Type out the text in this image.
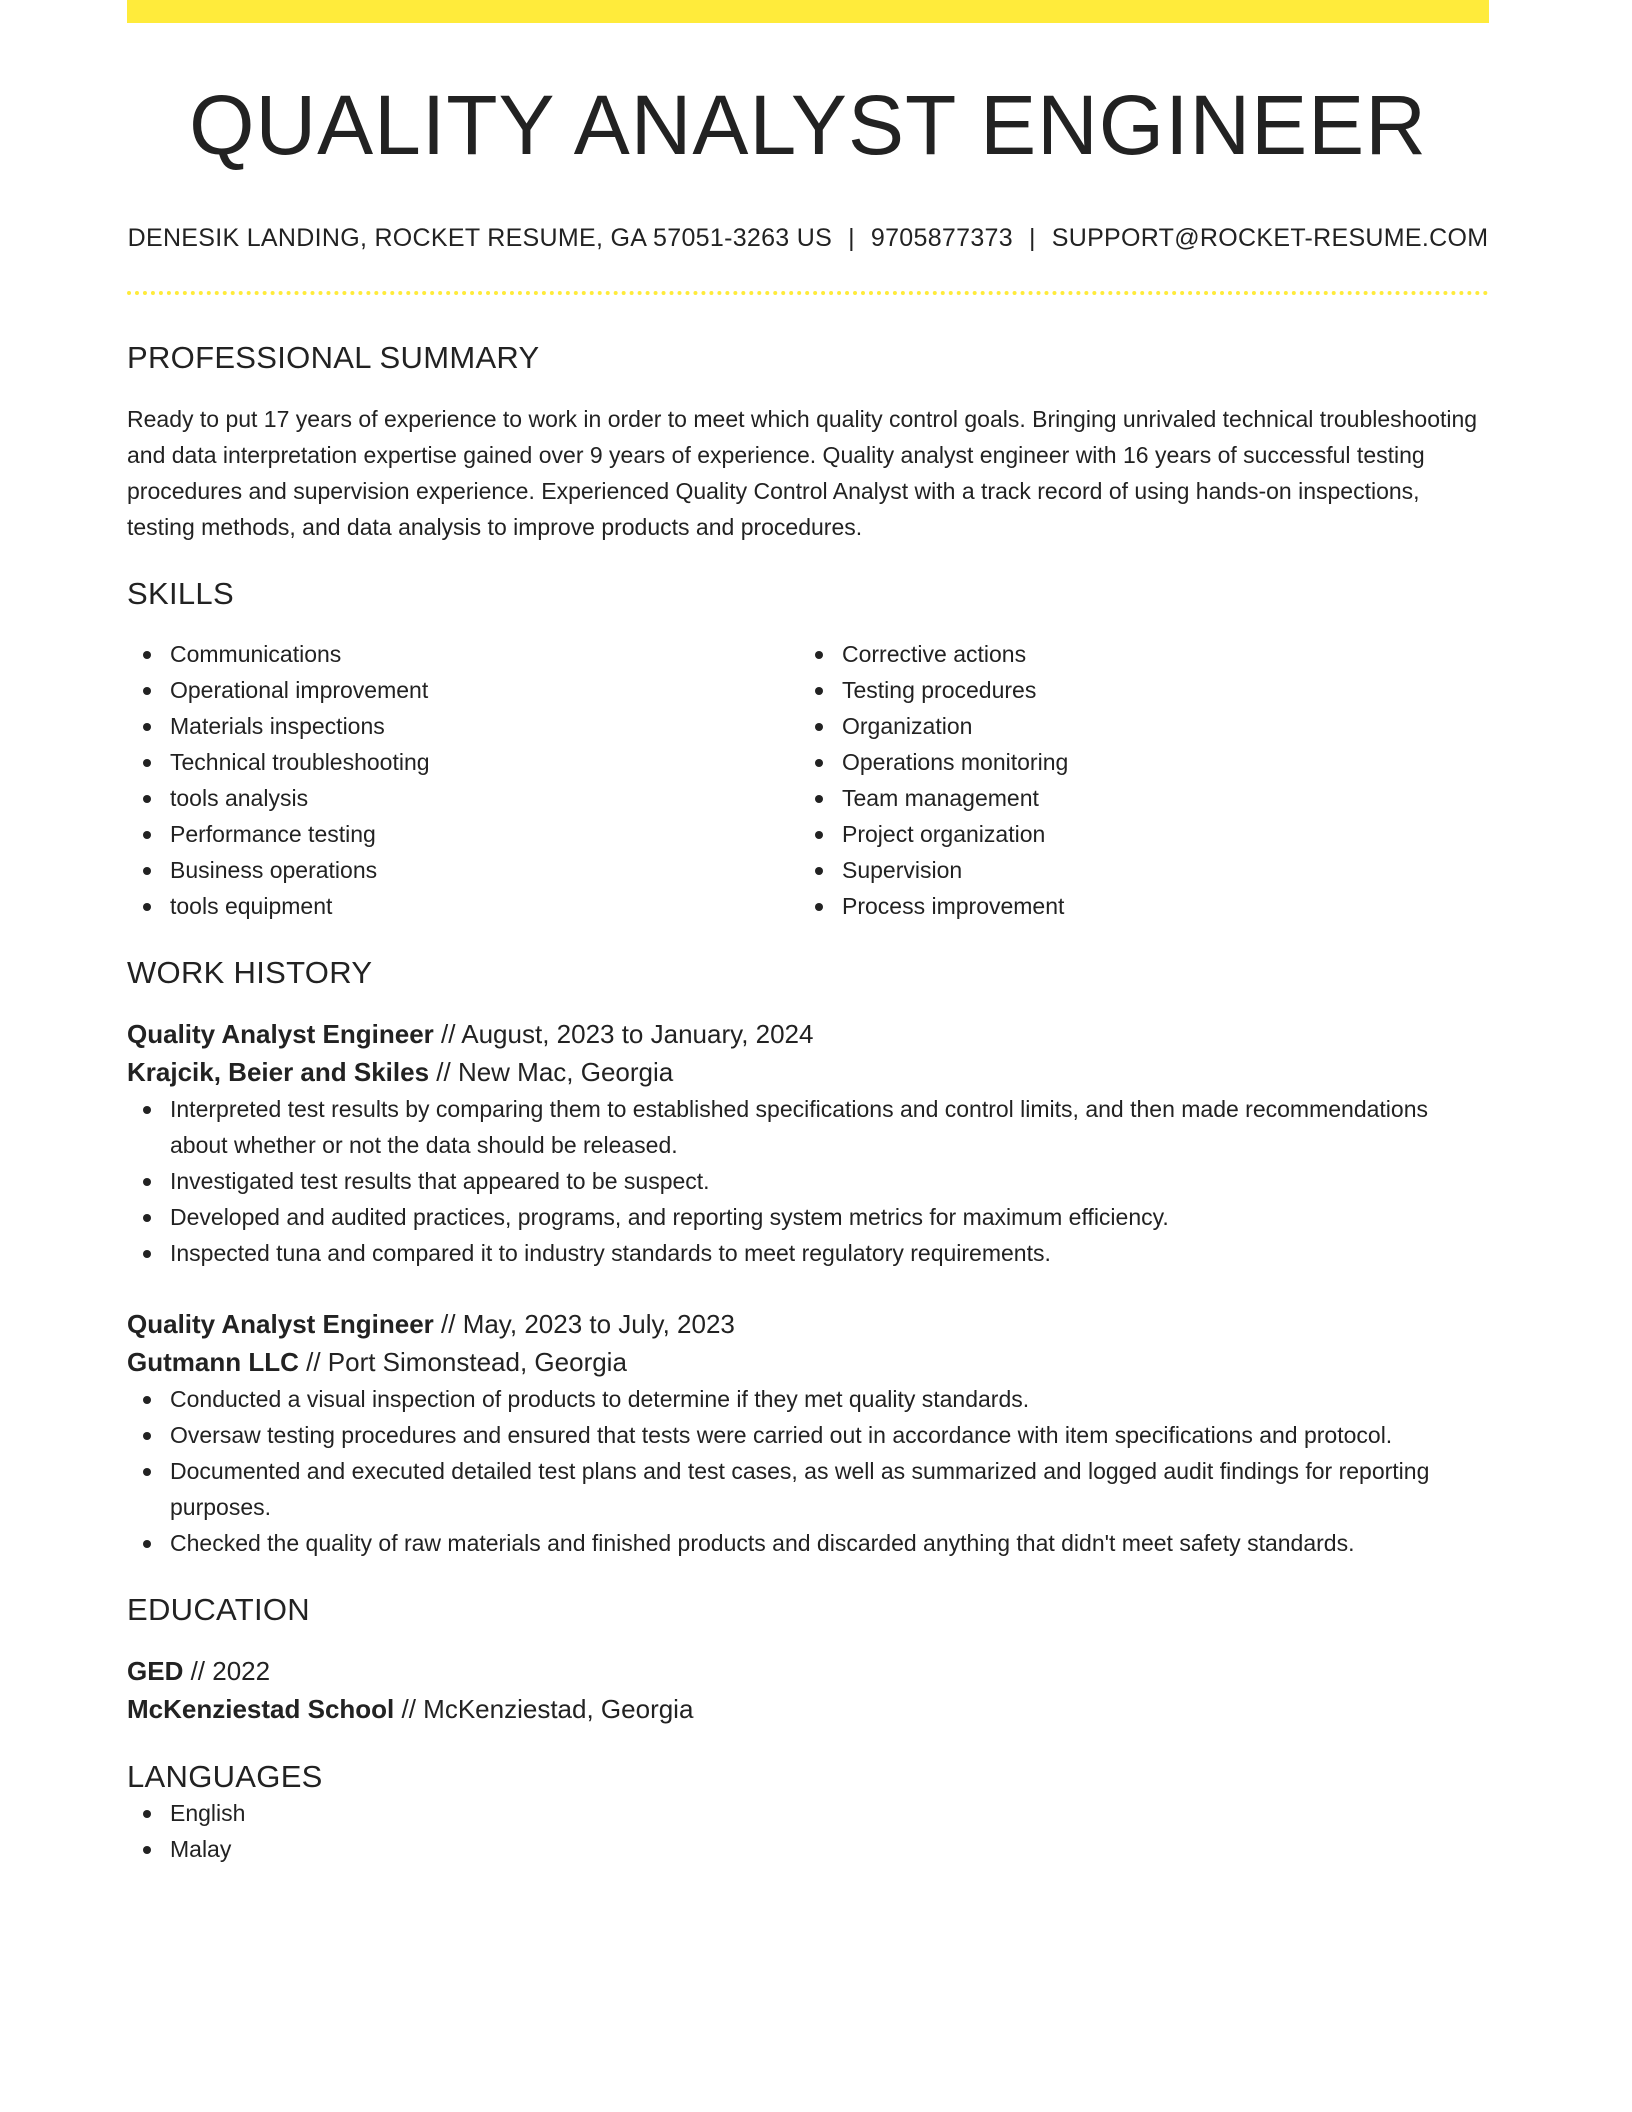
QUALITY ANALYST ENGINEER
DENESIK LANDING, ROCKET RESUME, GA 57051-3263 US | 9705877373 | SUPPORT@ROCKET-RESUME.COM
PROFESSIONAL SUMMARY

Ready to put 17 years of experience to work in order to meet which quality control goals. Bringing unrivaled technical troubleshooting and data interpretation expertise gained over 9 years of experience. Quality analyst engineer with 16 years of successful testing procedures and supervision experience. Experienced Quality Control Analyst with a track record of using hands-on inspections, testing methods, and data analysis to improve products and procedures.

SKILLS
Communications
Operational improvement
Materials inspections
Technical troubleshooting
tools analysis
Performance testing
Business operations
tools equipment
Corrective actions
Testing procedures
Organization
Operations monitoring
Team management
Project organization
Supervision
Process improvement
WORK HISTORY
Quality Analyst Engineer // August, 2023 to January, 2024
Krajcik, Beier and Skiles // New Mac, Georgia
Interpreted test results by comparing them to established specifications and control limits, and then made recommendations about whether or not the data should be released.
Investigated test results that appeared to be suspect.
Developed and audited practices, programs, and reporting system metrics for maximum efficiency.
Inspected tuna and compared it to industry standards to meet regulatory requirements.
Quality Analyst Engineer // May, 2023 to July, 2023
Gutmann LLC // Port Simonstead, Georgia
Conducted a visual inspection of products to determine if they met quality standards.
Oversaw testing procedures and ensured that tests were carried out in accordance with item specifications and protocol.
Documented and executed detailed test plans and test cases, as well as summarized and logged audit findings for reporting purposes.
Checked the quality of raw materials and finished products and discarded anything that didn't meet safety standards.
EDUCATION
GED // 2022
McKenziestad School // McKenziestad, Georgia
LANGUAGES
English
Malay
